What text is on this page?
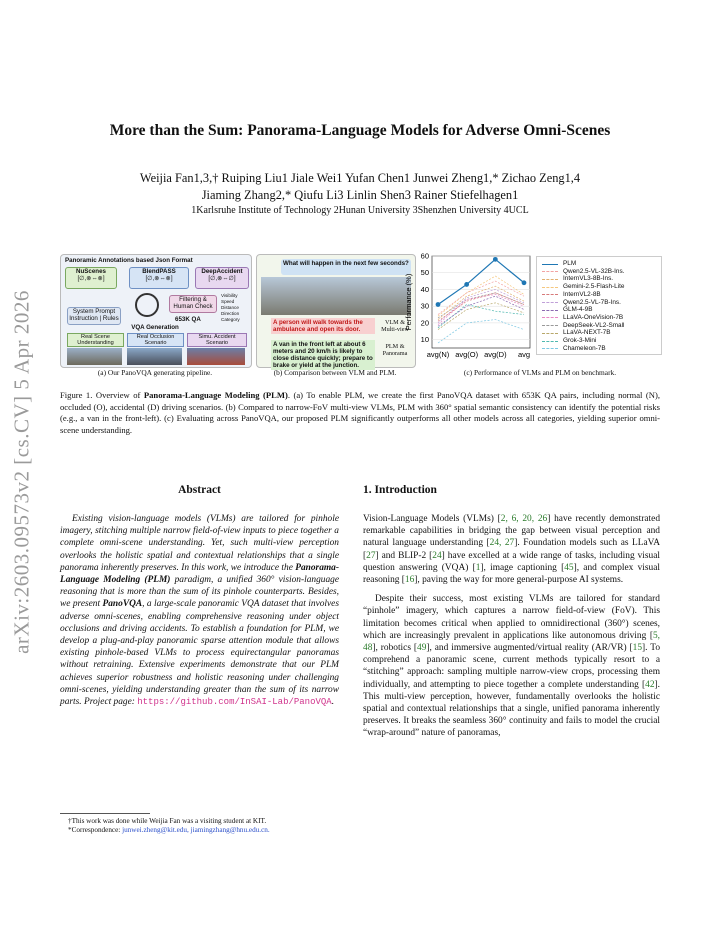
arXiv:2603.09573v2 [cs.CV] 5 Apr 2026
More than the Sum: Panorama-Language Models for Adverse Omni-Scenes
Weijia Fan1,3,† Ruiping Liu1 Jiale Wei1 Yufan Chen1 Junwei Zheng1,* Zichao Zeng1,4
Jiaming Zhang2,* Qiufu Li3 Linlin Shen3 Rainer Stiefelhagen1
1Karlsruhe Institute of Technology 2Hunan University 3Shenzhen University 4UCL
Panoramic Annotations based Json Format
NuScenes
[∅,⊗⇔⊗]
BlendPASS
[∅,⊗⇔⊗]
DeepAccident
[∅,⊗⇔∅]
System Prompt Instruction | Rules
Filtering & Human Check
Visibility
Speed
Distance
Direction
Category
653K QA
VQA Generation
Real Scene Understanding
Real Occlusion Scenario
Simu. Accident Scenario
(a) Our PanoVQA generating pipeline.
What will happen in the next few seconds?
A person will walk towards the ambulance and open its door.
VLM & Multi-view
A van in the front left at about 6 meters and 20 km/h is likely to close distance quickly; prepare to brake or yield at the junction.
PLM & Panorama
(b) Comparison between VLM and PLM.
10
20
30
40
50
60
avg(N) avg(O) avg(D) avg
Performance (%)
(c) Performance of VLMs and PLM on benchmark.
PLM
Qwen2.5-VL-32B-Ins.
InternVL3-8B-Ins.
Gemini-2.5-Flash-Lite
InternVL2-8B
Qwen2.5-VL-7B-Ins.
GLM-4-9B
LLaVA-OneVision-7B
DeepSeek-VL2-Small
LLaVA-NEXT-7B
Grok-3-Mini
Chameleon-7B
Figure 1. Overview of Panorama-Language Modeling (PLM). (a) To enable PLM, we create the first PanoVQA dataset with 653K QA pairs, including normal (N), occluded (O), accidental (D) driving scenarios. (b) Compared to narrow-FoV multi-view VLMs, PLM with 360° spatial semantic consistency can identify the potential risks (e.g., a van in the front-left). (c) Evaluating across PanoVQA, our proposed PLM significantly outperforms all other models across all categories, yielding superior omni-scene understanding.
Abstract
Existing vision-language models (VLMs) are tailored for pinhole imagery, stitching multiple narrow field-of-view inputs to piece together a complete omni-scene understanding. Yet, such multi-view perception overlooks the holistic spatial and contextual relationships that a single panorama inherently preserves. In this work, we introduce the Panorama-Language Modeling (PLM) paradigm, a unified 360° vision-language reasoning that is more than the sum of its pinhole counterparts. Besides, we present PanoVQA, a large-scale panoramic VQA dataset that involves adverse omni-scenes, enabling comprehensive reasoning under object occlusions and driving accidents. To establish a foundation for PLM, we develop a plug-and-play panoramic sparse attention module that allows existing pinhole-based VLMs to process equirectangular panoramas without retraining. Extensive experiments demonstrate that our PLM achieves superior robustness and holistic reasoning under challenging omni-scenes, yielding understanding greater than the sum of its narrow parts. Project page: https://github.com/InSAI-Lab/PanoVQA.
†This work was done while Weijia Fan was a visiting student at KIT.
*Correspondence: junwei.zheng@kit.edu, jiamingzhang@hnu.edu.cn.
1. Introduction
Vision-Language Models (VLMs) [2, 6, 20, 26] have recently demonstrated remarkable capabilities in bridging the gap between visual perception and natural language understanding [24, 27]. Foundation models such as LLaVA [27] and BLIP-2 [24] have excelled at a wide range of tasks, including visual question answering (VQA) [1], image captioning [45], and complex visual reasoning [16], paving the way for more general-purpose AI systems.
Despite their success, most existing VLMs are tailored for standard “pinhole” imagery, which captures a narrow field-of-view (FoV). This limitation becomes critical when applied to omnidirectional (360°) scenes, which are increasingly prevalent in applications like autonomous driving [5, 48], robotics [49], and immersive augmented/virtual reality (AR/VR) [15]. To comprehend a panoramic scene, current methods typically resort to a “stitching” approach: sampling multiple narrow-view crops, processing them individually, and attempting to piece together a complete understanding [42]. This multi-view perception, however, fundamentally overlooks the holistic spatial and contextual relationships that a single, unified panorama inherently preserves. It breaks the seamless 360° continuity and fails to model the crucial “wrap-around” nature of panoramas,
